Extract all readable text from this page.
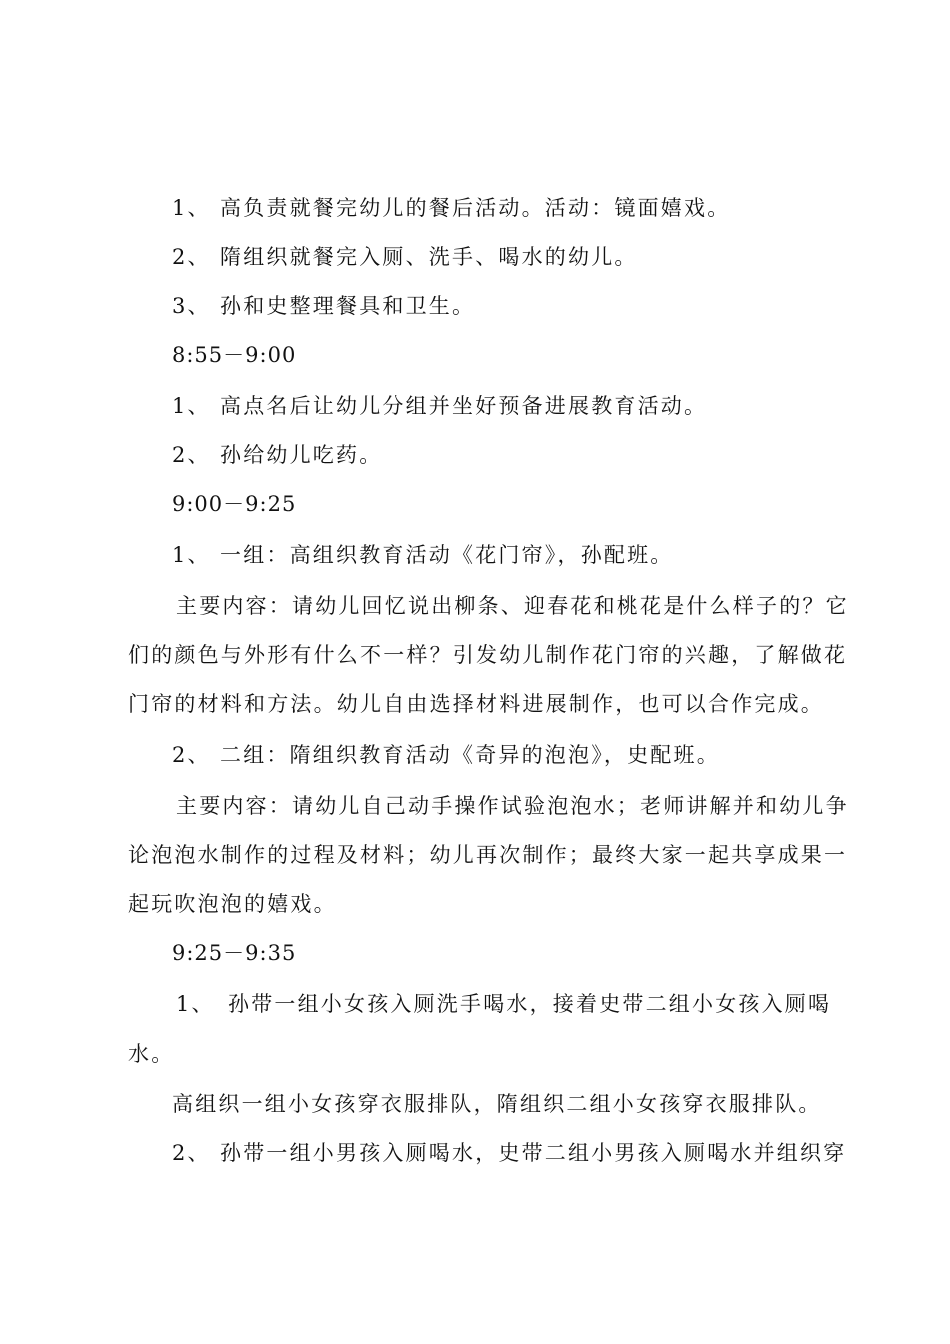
1、 高负责就餐完幼儿的餐后活动。活动：镜面嬉戏。
2、 隋组织就餐完入厕、洗手、喝水的幼儿。
3、 孙和史整理餐具和卫生。
8:55－9:00
1、 高点名后让幼儿分组并坐好预备进展教育活动。
2、 孙给幼儿吃药。
9:00－9:25
1、 一组：高组织教育活动《花门帘》，孙配班。
主要内容：请幼儿回忆说出柳条、迎春花和桃花是什么样子的？它
们的颜色与外形有什么不一样？引发幼儿制作花门帘的兴趣，了解做花
门帘的材料和方法。幼儿自由选择材料进展制作，也可以合作完成。
2、 二组：隋组织教育活动《奇异的泡泡》，史配班。
主要内容：请幼儿自己动手操作试验泡泡水；老师讲解并和幼儿争
论泡泡水制作的过程及材料；幼儿再次制作；最终大家一起共享成果一
起玩吹泡泡的嬉戏。
9:25－9:35
1、 孙带一组小女孩入厕洗手喝水，接着史带二组小女孩入厕喝
水。
高组织一组小女孩穿衣服排队，隋组织二组小女孩穿衣服排队。
2、 孙带一组小男孩入厕喝水，史带二组小男孩入厕喝水并组织穿
